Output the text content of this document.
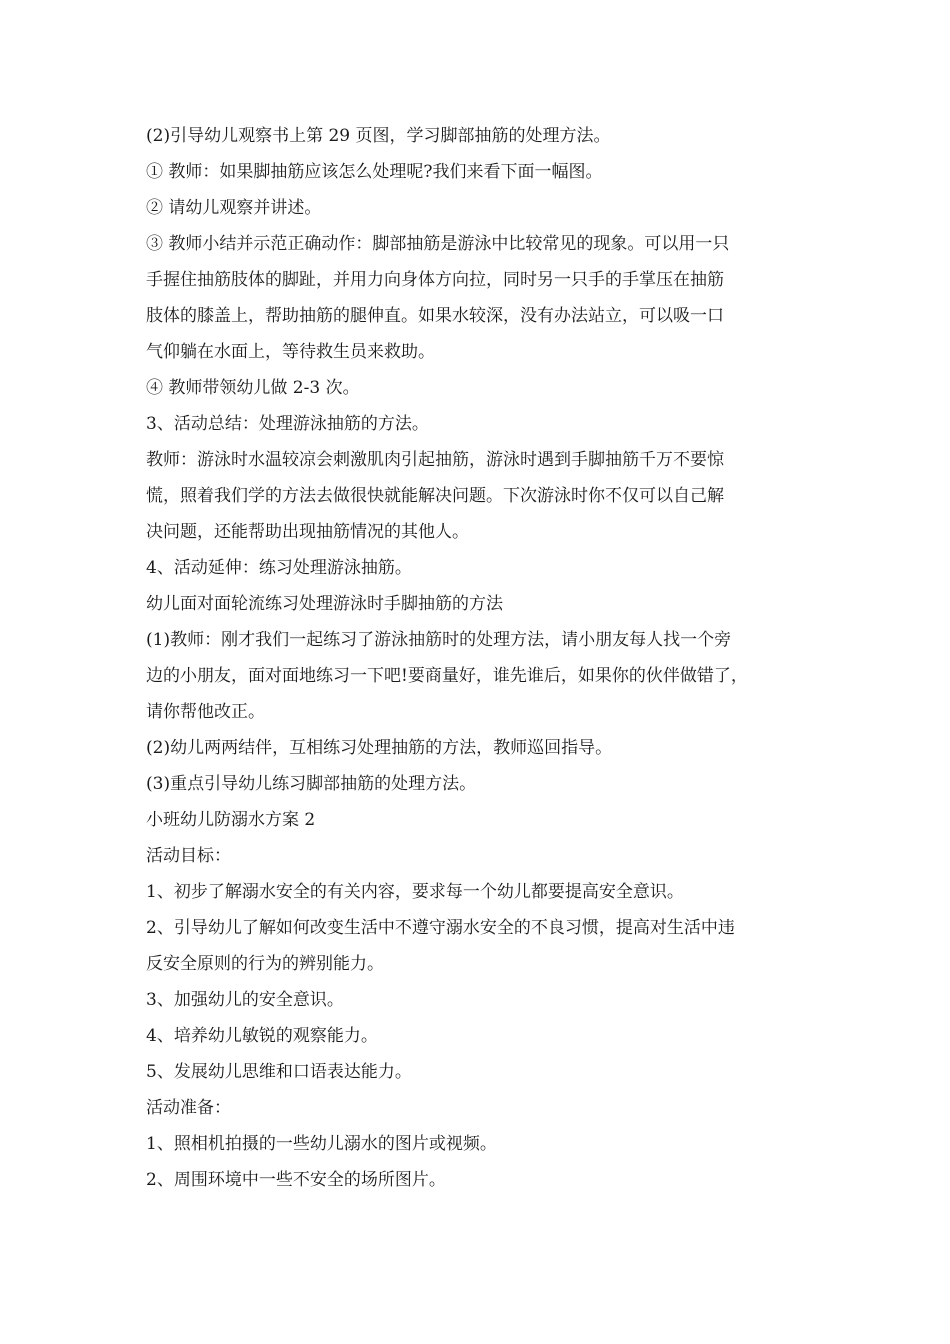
(2)引导幼儿观察书上第 29 页图，学习脚部抽筋的处理方法。
① 教师：如果脚抽筋应该怎么处理呢?我们来看下面一幅图。
② 请幼儿观察并讲述。
③ 教师小结并示范正确动作：脚部抽筋是游泳中比较常见的现象。可以用一只
手握住抽筋肢体的脚趾，并用力向身体方向拉，同时另一只手的手掌压在抽筋
肢体的膝盖上，帮助抽筋的腿伸直。如果水较深，没有办法站立，可以吸一口
气仰躺在水面上，等待救生员来救助。
④ 教师带领幼儿做 2-3 次。
3、活动总结：处理游泳抽筋的方法。
教师：游泳时水温较凉会刺激肌肉引起抽筋，游泳时遇到手脚抽筋千万不要惊
慌，照着我们学的方法去做很快就能解决问题。下次游泳时你不仅可以自己解
决问题，还能帮助出现抽筋情况的其他人。
4、活动延伸：练习处理游泳抽筋。
幼儿面对面轮流练习处理游泳时手脚抽筋的方法
(1)教师：刚才我们一起练习了游泳抽筋时的处理方法，请小朋友每人找一个旁
边的小朋友，面对面地练习一下吧!要商量好，谁先谁后，如果你的伙伴做错了，
请你帮他改正。
(2)幼儿两两结伴，互相练习处理抽筋的方法，教师巡回指导。
(3)重点引导幼儿练习脚部抽筋的处理方法。
小班幼儿防溺水方案 2
活动目标：
1、初步了解溺水安全的有关内容，要求每一个幼儿都要提高安全意识。
2、引导幼儿了解如何改变生活中不遵守溺水安全的不良习惯，提高对生活中违
反安全原则的行为的辨别能力。
3、加强幼儿的安全意识。
4、培养幼儿敏锐的观察能力。
5、发展幼儿思维和口语表达能力。
活动准备：
1、照相机拍摄的一些幼儿溺水的图片或视频。
2、周围环境中一些不安全的场所图片。
